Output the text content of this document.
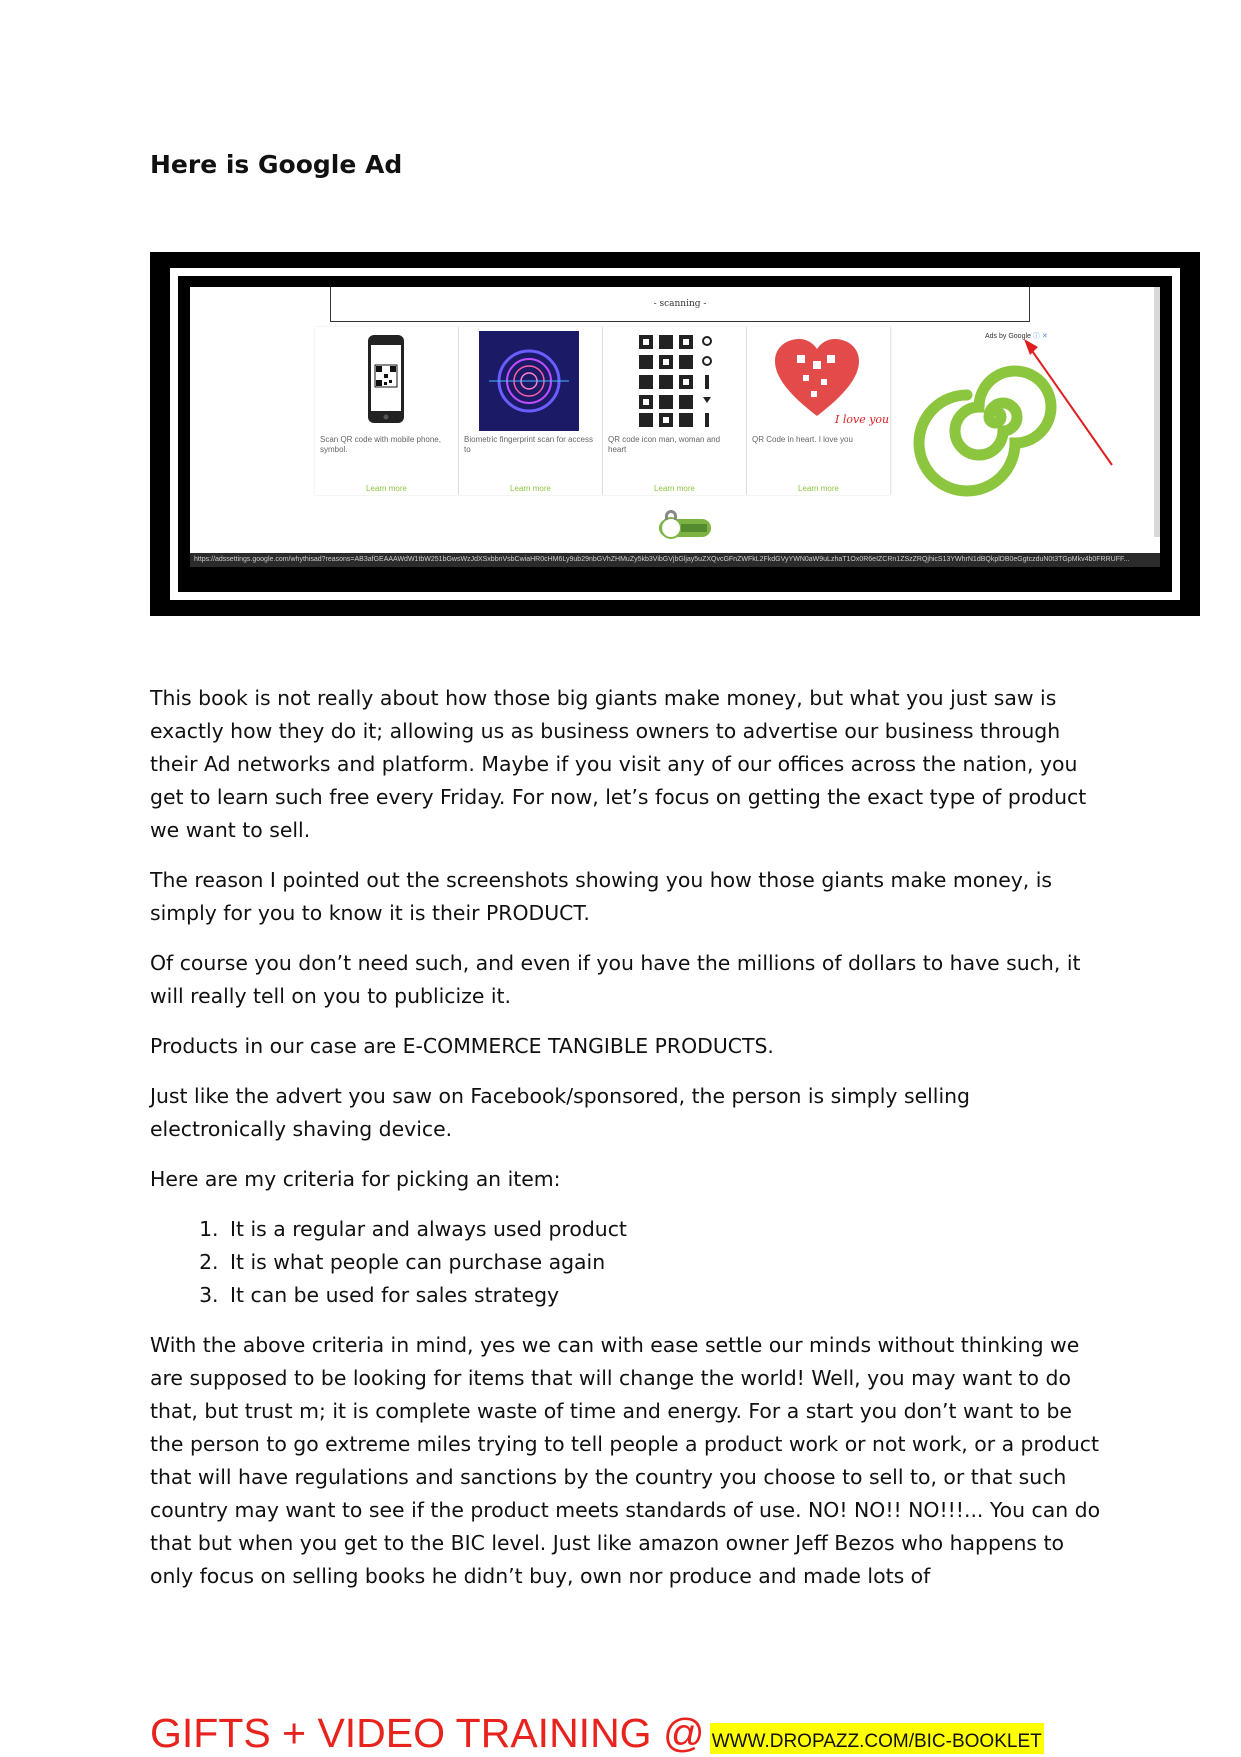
Here is Google Ad
- scanning -
Scan QR code with mobile phone, symbol.
Learn more
Biometric fingerprint scan for access to
Learn more
QR code icon man, woman and heart
Learn more
I love you
QR Code in heart. I love you
Learn more
Ads by Google ⓘ ✕
https://adssettings.google.com/whythisad?reasons=AB3afGEAAAWdW1tbW251bGwsWzJdXSxbbnVsbCwiaHR0cHM6Ly9ub29nbGVhZHMuZy5kb3VibGVjbGljay5uZXQvcGFnZWFkL2FkdGVyYWN0aW9uLzhaT1Ox0R6eIZCRn1ZSzZRQjhicS13YWhrN1dBQkplDB0eGgtczduN0t3TGpMkv4b0FRRUFF...

This book is not really about how those big giants make money, but what you just saw is exactly how they do it; allowing us as business owners to advertise our business through their Ad networks and platform. Maybe if you visit any of our offices across the nation, you get to learn such free every Friday. For now, let’s focus on getting the exact type of product we want to sell.

The reason I pointed out the screenshots showing you how those giants make money, is simply for you to know it is their PRODUCT.

Of course you don’t need such, and even if you have the millions of dollars to have such, it will really tell on you to publicize it.

Products in our case are E-COMMERCE TANGIBLE PRODUCTS.

Just like the advert you saw on Facebook/sponsored, the person is simply selling electronically shaving device.

Here are my criteria for picking an item:

1. It is a regular and always used product
2. It is what people can purchase again
3. It can be used for sales strategy

With the above criteria in mind, yes we can with ease settle our minds without thinking we are supposed to be looking for items that will change the world! Well, you may want to do that, but trust m; it is complete waste of time and energy. For a start you don’t want to be the person to go extreme miles trying to tell people a product work or not work, or a product that will have regulations and sanctions by the country you choose to sell to, or that such country may want to see if the product meets standards of use. NO! NO!! NO!!!... You can do that but when you get to the BIC level. Just like amazon owner Jeff Bezos who happens to only focus on selling books he didn’t buy, own nor produce and made lots of

GIFTS + VIDEO TRAINING @ WWW.DROPAZZ.COM/BIC-BOOKLET
